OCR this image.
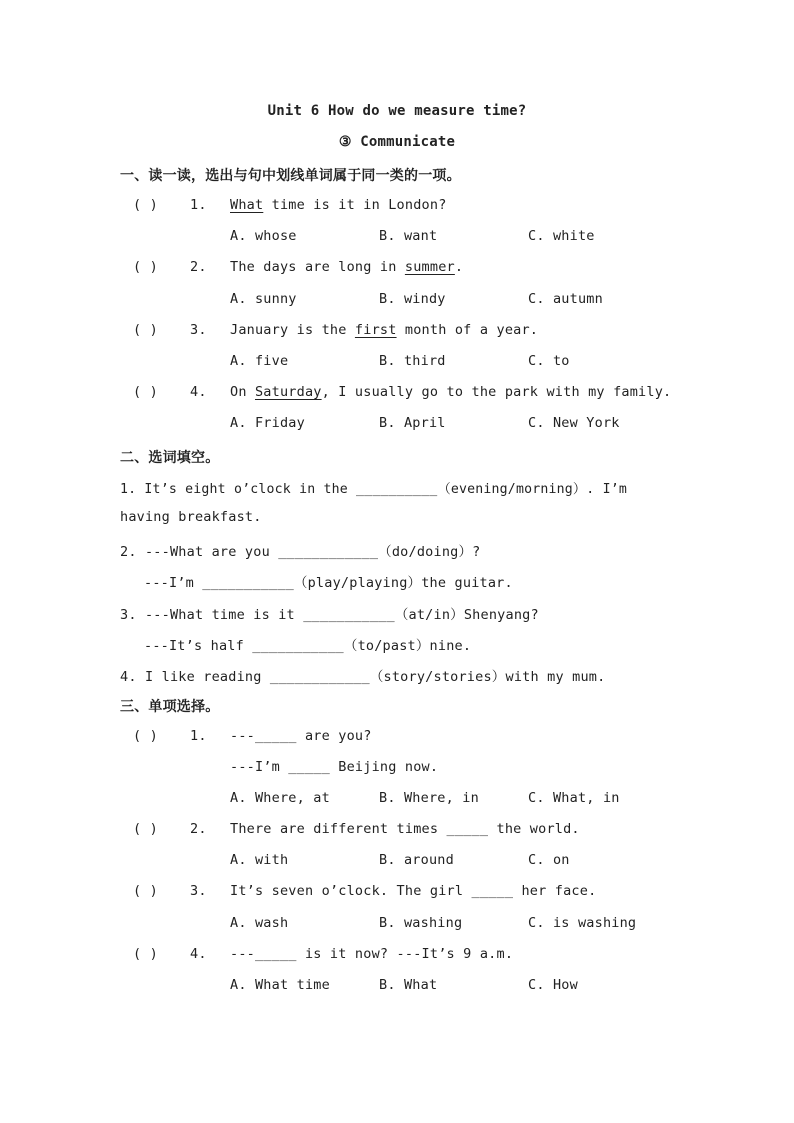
Unit 6 How do we measure time?
③ Communicate
一、读一读，选出与句中划线单词属于同一类的一项。
( ) 1. What time is it in London?
A. whose	B. want	C. white
( ) 2. The days are long in summer.
A. sunny	B. windy	C. autumn
( ) 3. January is the first month of a year.
A. five	B. third	C. to
( ) 4. On Saturday, I usually go to the park with my family.
A. Friday	B. April	C. New York
二、选词填空。
1. It’s eight o’clock in the __________（evening/morning）. I’m
having breakfast.
2. ---What are you ____________（do/doing）?
---I’m ___________（play/playing）the guitar.
3. ---What time is it ___________（at/in）Shenyang?
---It’s half ___________（to/past）nine.
4. I like reading ____________（story/stories）with my mum.
三、单项选择。
( ) 1. ---_____ are you?
---I’m _____ Beijing now.
A. Where, at	B. Where, in	C. What, in
( ) 2. There are different times _____ the world.
A. with	B. around	C. on
( ) 3. It’s seven o’clock. The girl _____ her face.
A. wash	B. washing	C. is washing
( ) 4. ---_____ is it now? ---It’s 9 a.m.
A. What time	B. What	C. How
